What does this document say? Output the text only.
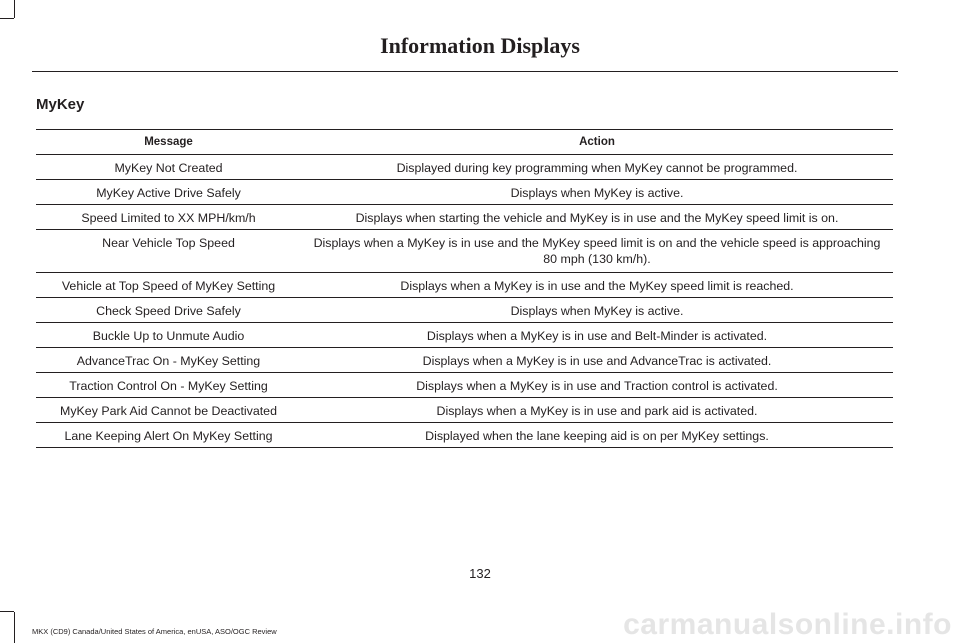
Information Displays
MyKey
Message	Action
MyKey Not Created	Displayed during key programming when MyKey cannot be programmed.
MyKey Active Drive Safely	Displays when MyKey is active.
Speed Limited to XX MPH/km/h	Displays when starting the vehicle and MyKey is in use and the MyKey speed limit is on.
Near Vehicle Top Speed	Displays when a MyKey is in use and the MyKey speed limit is on and the vehicle speed is approaching 80 mph (130 km/h).
Vehicle at Top Speed of MyKey Setting	Displays when a MyKey is in use and the MyKey speed limit is reached.
Check Speed Drive Safely	Displays when MyKey is active.
Buckle Up to Unmute Audio	Displays when a MyKey is in use and Belt-Minder is activated.
AdvanceTrac On - MyKey Setting	Displays when a MyKey is in use and AdvanceTrac is activated.
Traction Control On - MyKey Setting	Displays when a MyKey is in use and Traction control is activated.
MyKey Park Aid Cannot be Deactivated	Displays when a MyKey is in use and park aid is activated.
Lane Keeping Alert On MyKey Setting	Displayed when the lane keeping aid is on per MyKey settings.
132
MKX (CD9) Canada/United States of America, enUSA, ASO/OGC Review	carmanualsonline.info
